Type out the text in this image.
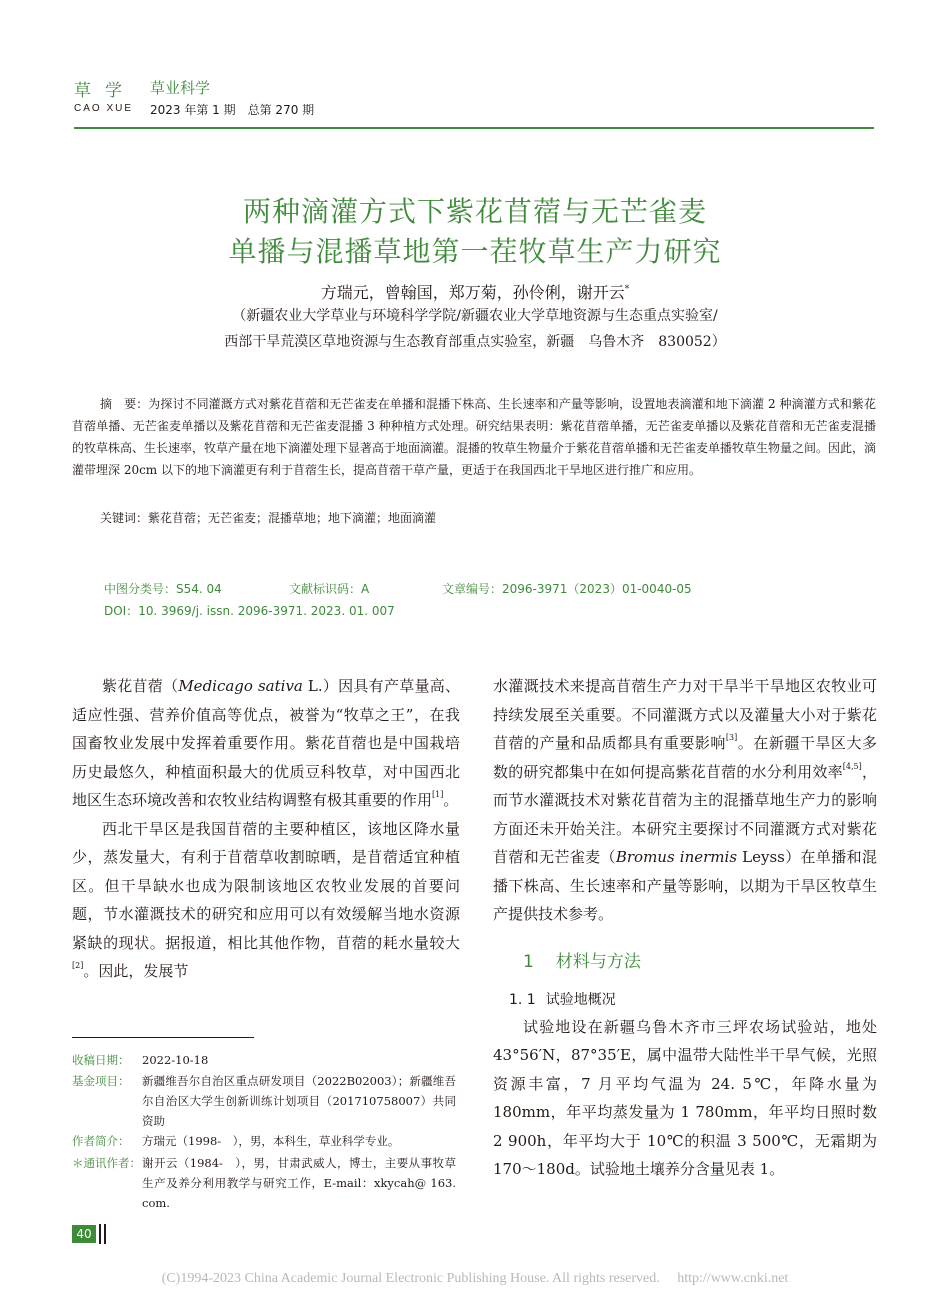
草学 草业科学
CAO XUE 2023 年第 1 期　总第 270 期
两种滴灌方式下紫花苜蓿与无芒雀麦
单播与混播草地第一茬牧草生产力研究
方瑞元，曾翰国，郑万菊，孙伶俐，谢开云*
（新疆农业大学草业与环境科学学院/新疆农业大学草地资源与生态重点实验室/
西部干旱荒漠区草地资源与生态教育部重点实验室，新疆　乌鲁木齐　830052）
摘　要：为探讨不同灌溉方式对紫花苜蓿和无芒雀麦在单播和混播下株高、生长速率和产量等影响，设置地表滴灌和地下滴灌 2 种滴灌方式和紫花苜蓿单播、无芒雀麦单播以及紫花苜蓿和无芒雀麦混播 3 种种植方式处理。研究结果表明：紫花苜蓿单播，无芒雀麦单播以及紫花苜蓿和无芒雀麦混播的牧草株高、生长速率，牧草产量在地下滴灌处理下显著高于地面滴灌。混播的牧草生物量介于紫花苜蓿单播和无芒雀麦单播牧草生物量之间。因此，滴灌带埋深 20cm 以下的地下滴灌更有利于苜蓿生长，提高苜蓿干草产量，更适于在我国西北干旱地区进行推广和应用。
关键词：紫花苜蓿；无芒雀麦；混播草地；地下滴灌；地面滴灌
中图分类号：S54. 04	文献标识码：A	文章编号：2096-3971（2023）01-0040-05
DOI：10. 3969/j. issn. 2096-3971. 2023. 01. 007

紫花苜蓿（Medicago sativa L.）因具有产草量高、适应性强、营养价值高等优点，被誉为“牧草之王”，在我国畜牧业发展中发挥着重要作用。紫花苜蓿也是中国栽培历史最悠久，种植面积最大的优质豆科牧草，对中国西北地区生态环境改善和农牧业结构调整有极其重要的作用[1]。

西北干旱区是我国苜蓿的主要种植区，该地区降水量少，蒸发量大，有利于苜蓿草收割晾晒，是苜蓿适宜种植区。但干旱缺水也成为限制该地区农牧业发展的首要问题，节水灌溉技术的研究和应用可以有效缓解当地水资源紧缺的现状。据报道，相比其他作物，苜蓿的耗水量较大[2]。因此，发展节

水灌溉技术来提高苜蓿生产力对干旱半干旱地区农牧业可持续发展至关重要。不同灌溉方式以及灌量大小对于紫花苜蓿的产量和品质都具有重要影响[3]。在新疆干旱区大多数的研究都集中在如何提高紫花苜蓿的水分利用效率[4,5]，而节水灌溉技术对紫花苜蓿为主的混播草地生产力的影响方面还未开始关注。本研究主要探讨不同灌溉方式对紫花苜蓿和无芒雀麦（Bromus inermis Leyss）在单播和混播下株高、生长速率和产量等影响，以期为干旱区牧草生产提供技术参考。

1 材料与方法
1. 1 试验地概况

试验地设在新疆乌鲁木齐市三坪农场试验站，地处 43°56′N，87°35′E，属中温带大陆性半干旱气候，光照资源丰富，7 月平均气温为 24. 5℃，年降水量为 180mm，年平均蒸发量为 1 780mm，年平均日照时数 2 900h，年平均大于 10℃的积温 3 500℃，无霜期为 170～180d。试验地土壤养分含量见表 1。

收稿日期： 2022-10-18
基金项目： 新疆维吾尔自治区重点研发项目（2022B02003）；新疆维吾尔自治区大学生创新训练计划项目（201710758007）共同资助
作者简介： 方瑞元（1998-　），男，本科生，草业科学专业。
＊通讯作者：谢开云（1984-　），男，甘肃武威人，博士，主要从事牧草生产及养分利用教学与研究工作，E-mail：xkycah@ 163. com.
40
(C)1994-2023 China Academic Journal Electronic Publishing House. All rights reserved.　 http://www.cnki.net
